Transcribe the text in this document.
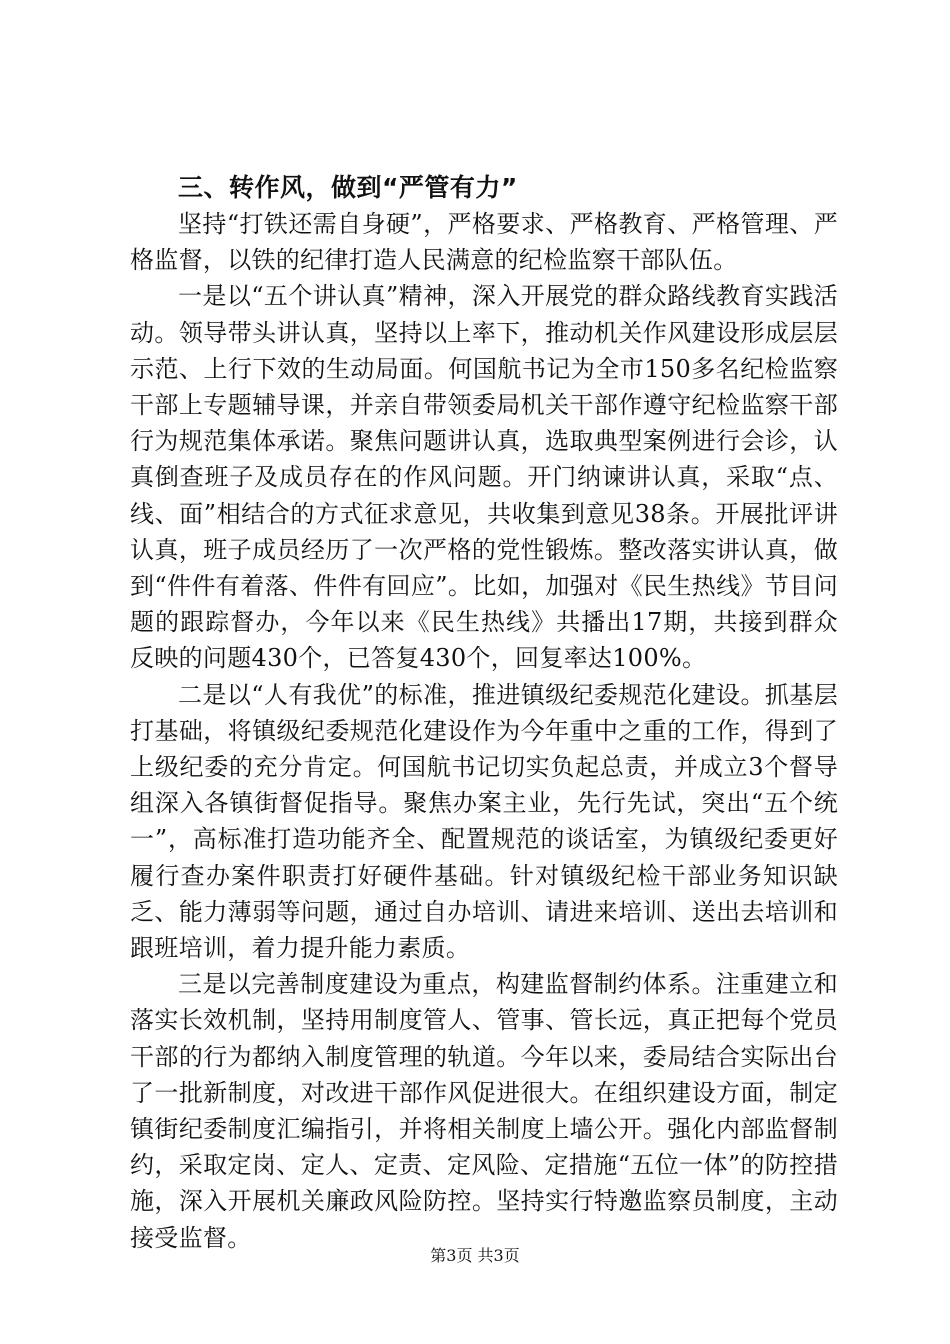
三、转作风，做到“严管有力”

坚持“打铁还需自身硬”，严格要求、严格教育、严格管理、严格监督，以铁的纪律打造人民满意的纪检监察干部队伍。

一是以“五个讲认真”精神，深入开展党的群众路线教育实践活动。领导带头讲认真，坚持以上率下，推动机关作风建设形成层层示范、上行下效的生动局面。何国航书记为全市150多名纪检监察干部上专题辅导课，并亲自带领委局机关干部作遵守纪检监察干部行为规范集体承诺。聚焦问题讲认真，选取典型案例进行会诊，认真倒查班子及成员存在的作风问题。开门纳谏讲认真，采取“点、线、面”相结合的方式征求意见，共收集到意见38条。开展批评讲认真，班子成员经历了一次严格的党性锻炼。整改落实讲认真，做到“件件有着落、件件有回应”。比如，加强对《民生热线》节目问题的跟踪督办，今年以来《民生热线》共播出17期，共接到群众反映的问题430个，已答复430个，回复率达100%。

二是以“人有我优”的标准，推进镇级纪委规范化建设。抓基层打基础，将镇级纪委规范化建设作为今年重中之重的工作，得到了上级纪委的充分肯定。何国航书记切实负起总责，并成立3个督导组深入各镇街督促指导。聚焦办案主业，先行先试，突出“五个统一”，高标准打造功能齐全、配置规范的谈话室，为镇级纪委更好履行查办案件职责打好硬件基础。针对镇级纪检干部业务知识缺乏、能力薄弱等问题，通过自办培训、请进来培训、送出去培训和跟班培训，着力提升能力素质。

三是以完善制度建设为重点，构建监督制约体系。注重建立和落实长效机制，坚持用制度管人、管事、管长远，真正把每个党员干部的行为都纳入制度管理的轨道。今年以来，委局结合实际出台了一批新制度，对改进干部作风促进很大。在组织建设方面，制定镇街纪委制度汇编指引，并将相关制度上墙公开。强化内部监督制约，采取定岗、定人、定责、定风险、定措施“五位一体”的防控措施，深入开展机关廉政风险防控。坚持实行特邀监察员制度，主动接受监督。

第3页 共3页
